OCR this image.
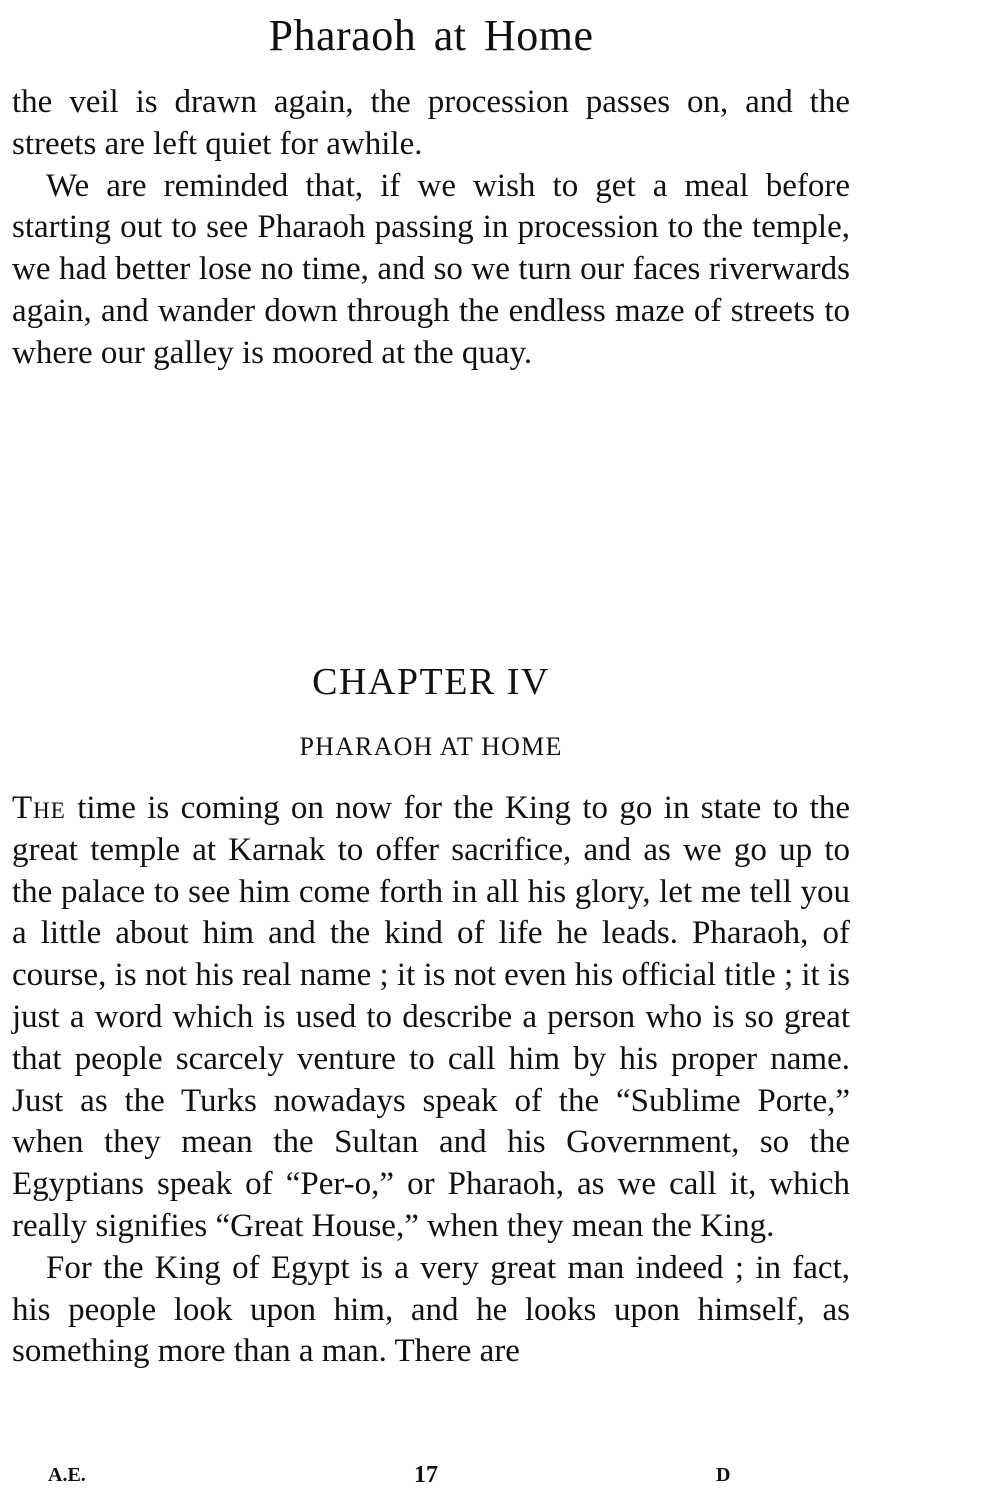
Pharaoh at Home

the veil is drawn again, the procession passes on, and the streets are left quiet for awhile.

We are reminded that, if we wish to get a meal before starting out to see Pharaoh passing in procession to the temple, we had better lose no time, and so we turn our faces riverwards again, and wander down through the endless maze of streets to where our galley is moored at the quay.

CHAPTER IV
PHARAOH AT HOME

The time is coming on now for the King to go in state to the great temple at Karnak to offer sacrifice, and as we go up to the palace to see him come forth in all his glory, let me tell you a little about him and the kind of life he leads. Pharaoh, of course, is not his real name ; it is not even his official title ; it is just a word which is used to describe a person who is so great that people scarcely venture to call him by his proper name. Just as the Turks nowadays speak of the “Sublime Porte,” when they mean the Sultan and his Government, so the Egyptians speak of “Per-o,” or Pharaoh, as we call it, which really signifies “Great House,” when they mean the King.

For the King of Egypt is a very great man indeed ; in fact, his people look upon him, and he looks upon himself, as something more than a man. There are

A.E.	17	D
